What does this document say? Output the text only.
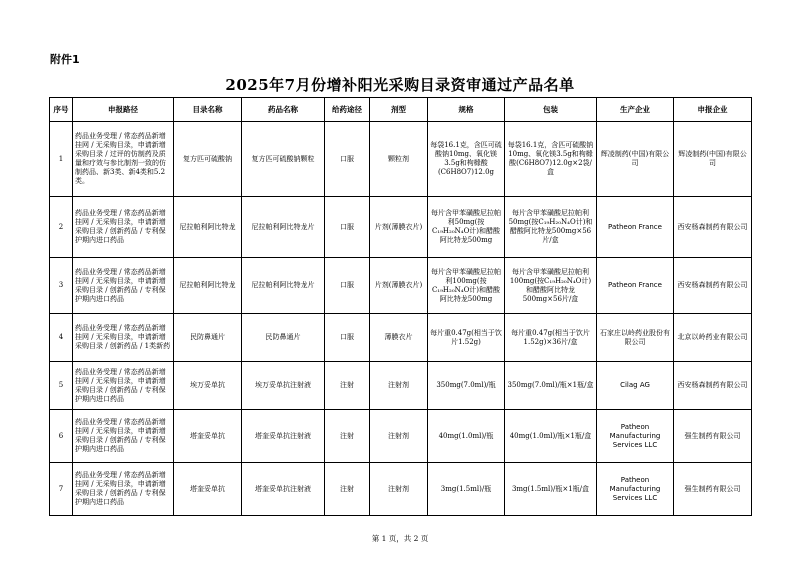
附件1
2025年7月份增补阳光采购目录资审通过产品名单
序号	申报路径	目录名称	药品名称	给药途径	剂型	规格	包装	生产企业	申报企业
1	药品业务受理 / 常态药品新增挂网 / 无采购目录，申请新增采购目录 / 过评的仿制药及质量和疗效与参比制剂一致的仿制药品、新3类、新4类和5.2类。	复方匹可硫酸钠	复方匹可硫酸钠颗粒	口服	颗粒剂	每袋16.1克，含匹可硫酸钠10mg、氧化镁3.5g和枸橼酸(C6H8O7)12.0g	每袋16.1克，含匹可硫酸钠10mg、氧化镁3.5g和枸橼酸(C6H8O7)12.0g×2袋/盒	辉凌制药(中国)有限公司	辉凌制药(中国)有限公司
2	药品业务受理 / 常态药品新增挂网 / 无采购目录，申请新增采购目录 / 创新药品 / 专利保护期内进口药品	尼拉帕利阿比特龙	尼拉帕利阿比特龙片	口服	片剂(薄膜衣片)	每片含甲苯磺酸尼拉帕利50mg(按C₁₉H₂₀N₄O计)和醋酸阿比特龙500mg	每片含甲苯磺酸尼拉帕利50mg(按C₁₉H₂₀N₄O计)和醋酸阿比特龙500mg×56片/盒	Patheon France	西安杨森制药有限公司
3	药品业务受理 / 常态药品新增挂网 / 无采购目录，申请新增采购目录 / 创新药品 / 专利保护期内进口药品	尼拉帕利阿比特龙	尼拉帕利阿比特龙片	口服	片剂(薄膜衣片)	每片含甲苯磺酸尼拉帕利100mg(按C₁₉H₂₀N₄O计)和醋酸阿比特龙500mg	每片含甲苯磺酸尼拉帕利100mg(按C₁₉H₂₀N₄O计)和醋酸阿比特龙500mg×56片/盒	Patheon France	西安杨森制药有限公司
4	药品业务受理 / 常态药品新增挂网 / 无采购目录，申请新增采购目录 / 创新药品 / 1类新药	民防鼻通片	民防鼻通片	口服	薄膜衣片	每片重0.47g(相当于饮片1.52g)	每片重0.47g(相当于饮片1.52g)×36片/盒	石家庄以岭药业股份有限公司	北京以岭药业有限公司
5	药品业务受理 / 常态药品新增挂网 / 无采购目录，申请新增采购目录 / 创新药品 / 专利保护期内进口药品	埃万妥单抗	埃万妥单抗注射液	注射	注射剂	350mg(7.0ml)/瓶	350mg(7.0ml)/瓶×1瓶/盒	Cilag AG	西安杨森制药有限公司
6	药品业务受理 / 常态药品新增挂网 / 无采购目录，申请新增采购目录 / 创新药品 / 专利保护期内进口药品	塔奎妥单抗	塔奎妥单抗注射液	注射	注射剂	40mg(1.0ml)/瓶	40mg(1.0ml)/瓶×1瓶/盒	Patheon Manufacturing Services LLC	强生制药有限公司
7	药品业务受理 / 常态药品新增挂网 / 无采购目录，申请新增采购目录 / 创新药品 / 专利保护期内进口药品	塔奎妥单抗	塔奎妥单抗注射液	注射	注射剂	3mg(1.5ml)/瓶	3mg(1.5ml)/瓶×1瓶/盒	Patheon Manufacturing Services LLC	强生制药有限公司
第 1 页，共 2 页
